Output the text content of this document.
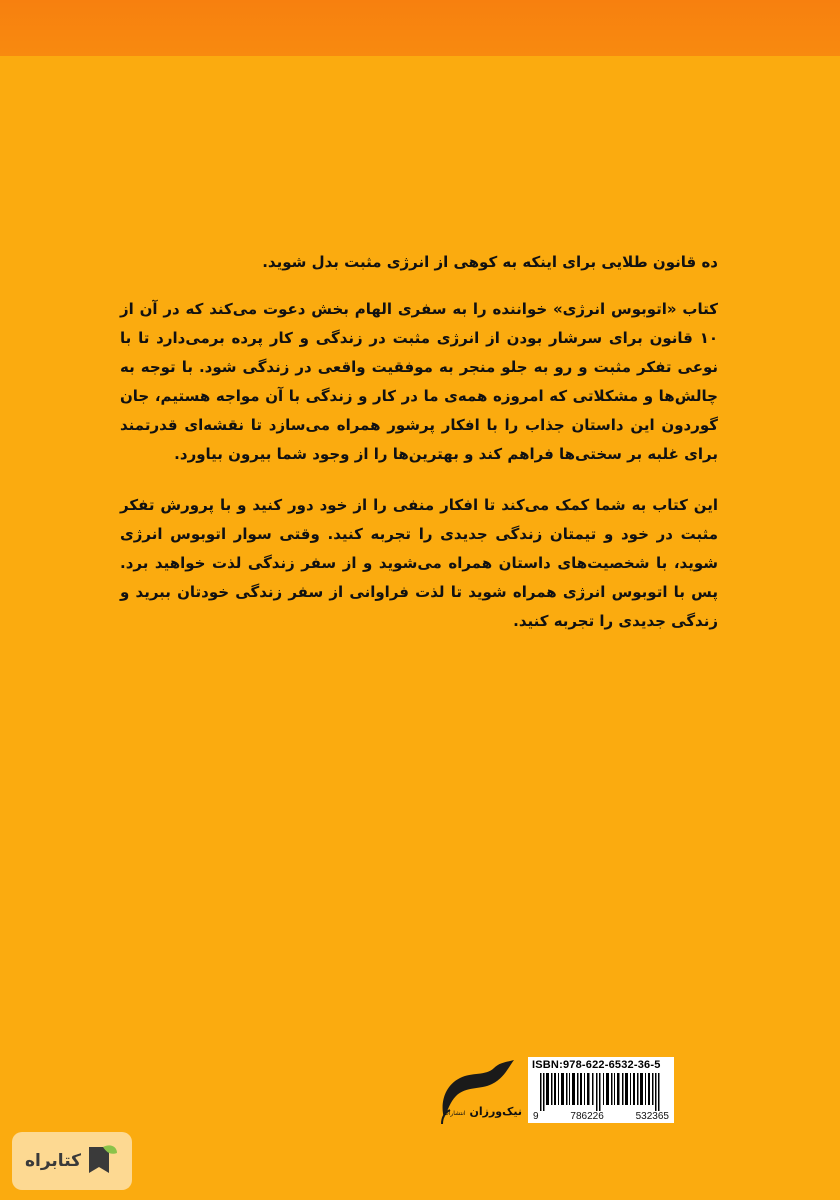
ده قانون طلایی برای اینکه به کوهی از انرژی مثبت بدل شوید.

کتاب «اتوبوس انرژی» خواننده را به سفری الهام بخش دعوت می‌کند که در آن از ۱۰ قانون برای سرشار بودن از انرژی مثبت در زندگی و کار پرده برمی‌دارد تا با نوعی تفکر مثبت و رو به جلو منجر به موفقیت واقعی در زندگی شود. با توجه به چالش‌ها و مشکلاتی که امروزه همه‌ی ما در کار و زندگی با آن مواجه هستیم، جان گوردون این داستان جذاب را با افکار پرشور همراه می‌سازد تا نقشه‌ای قدرتمند برای غلبه بر سختی‌ها فراهم کند و بهترین‌ها را از وجود شما بیرون بیاورد.

این کتاب به شما کمک می‌کند تا افکار منفی را از خود دور کنید و با پرورش تفکر مثبت در خود و تیمتان زندگی جدیدی را تجربه کنید. وقتی سوار اتوبوس انرژی شوید، با شخصیت‌های داستان همراه می‌شوید و از سفر زندگی لذت خواهید برد. پس با اتوبوس انرژی همراه شوید تا لذت فراوانی از سفر زندگی خودتان ببرید و زندگی جدیدی را تجربه کنید.

ISBN:978-622-6532-36-5
9	786226	532365
نیک‌ورزان انتشارات
کتابراه
